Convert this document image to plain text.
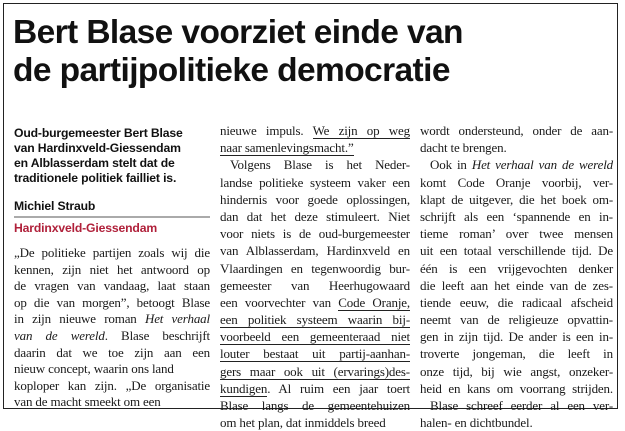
Bert Blase voorziet einde van
de partijpolitieke democratie
Oud-burgemeester Bert Blase
van Hardinxveld-Giessendam
en Alblasserdam stelt dat de
traditionele politiek failliet is.
Michiel Straub
Hardinxveld-Giessendam
„De politieke partijen zoals wij die
kennen, zijn niet het antwoord op
de vragen van vandaag, laat staan
op die van morgen”, betoogt Blase
in zijn nieuwe roman Het verhaal
van de wereld. Blase beschrijft
daarin dat we toe zijn aan een
nieuw concept, waarin ons land
koploper kan zijn. „De organisatie
van de macht smeekt om een
nieuwe impuls. We zijn op weg
naar samenlevingsmacht.”
Volgens Blase is het Neder-
landse politieke systeem vaker een
hindernis voor goede oplossingen,
dan dat het deze stimuleert. Niet
voor niets is de oud-burgemeester
van Alblasserdam, Hardinxveld en
Vlaardingen en tegenwoordig bur-
gemeester van Heerhugowaard
een voorvechter van Code Oranje,
een politiek systeem waarin bij-
voorbeeld een gemeenteraad niet
louter bestaat uit partij-aanhan-
gers maar ook uit (ervarings)des-
kundigen. Al ruim een jaar toert
Blase langs de gemeentehuizen
om het plan, dat inmiddels breed
wordt ondersteund, onder de aan-
dacht te brengen.
Ook in Het verhaal van de wereld
komt Code Oranje voorbij, ver-
klapt de uitgever, die het boek om-
schrijft als een ‘spannende en in-
tieme roman’ over twee mensen
uit een totaal verschillende tijd. De
één is een vrijgevochten denker
die leeft aan het einde van de zes-
tiende eeuw, die radicaal afscheid
neemt van de religieuze opvattin-
gen in zijn tijd. De ander is een in-
troverte jongeman, die leeft in
onze tijd, bij wie angst, onzeker-
heid en kans om voorrang strijden.
Blase schreef eerder al een ver-
halen- en dichtbundel.
